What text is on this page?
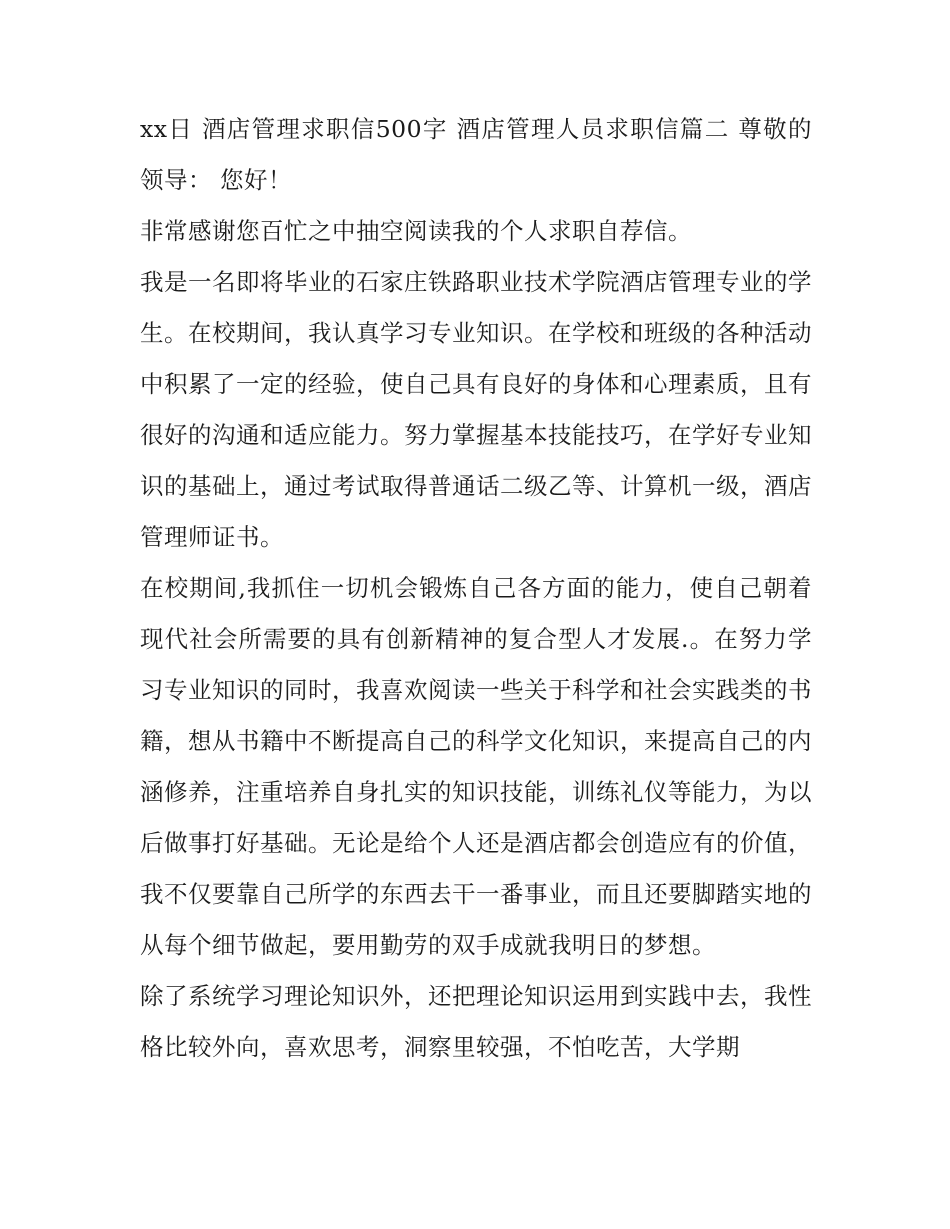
xx日 酒店管理求职信500字 酒店管理人员求职信篇二 尊敬的领导： 您好！

非常感谢您百忙之中抽空阅读我的个人求职自荐信。

我是一名即将毕业的石家庄铁路职业技术学院酒店管理专业的学生。在校期间，我认真学习专业知识。在学校和班级的各种活动中积累了一定的经验，使自己具有良好的身体和心理素质，且有很好的沟通和适应能力。努力掌握基本技能技巧，在学好专业知识的基础上，通过考试取得普通话二级乙等、计算机一级，酒店管理师证书。

在校期间,我抓住一切机会锻炼自己各方面的能力，使自己朝着现代社会所需要的具有创新精神的复合型人才发展.。在努力学习专业知识的同时，我喜欢阅读一些关于科学和社会实践类的书籍，想从书籍中不断提高自己的科学文化知识，来提高自己的内涵修养，注重培养自身扎实的知识技能，训练礼仪等能力，为以后做事打好基础。无论是给个人还是酒店都会创造应有的价值，我不仅要靠自己所学的东西去干一番事业，而且还要脚踏实地的从每个细节做起，要用勤劳的双手成就我明日的梦想。

除了系统学习理论知识外，还把理论知识运用到实践中去，我性格比较外向，喜欢思考，洞察里较强，不怕吃苦，大学期
